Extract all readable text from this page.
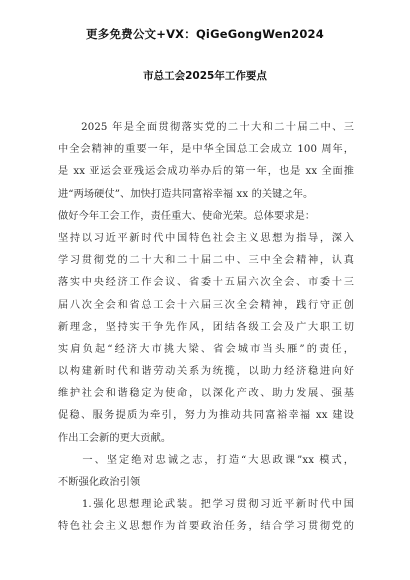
更多免费公文+VX：QiGeGongWen2024
市总工会2025年工作要点
　　2025 年是全面贯彻落实党的二十大和二十届二中、三
中全会精神的重要一年，是中华全国总工会成立 100 周年，
是 xx 亚运会亚残运会成功举办后的第一年，也是 xx 全面推
进“两场硬仗”、加快打造共同富裕幸福 xx 的关键之年。
做好今年工会工作，责任重大、使命光荣。总体要求是：
坚持以习近平新时代中国特色社会主义思想为指导，深入
学习贯彻党的二十大和二十届二中、三中全会精神，认真
落实中央经济工作会议、省委十五届六次全会、市委十三
届八次全会和省总工会十六届三次全会精神，践行守正创
新理念，坚持实干争先作风，团结各级工会及广大职工切
实肩负起“经济大市挑大梁、省会城市当头雁”的责任，
以构建新时代和谐劳动关系为统揽，以助力经济稳进向好
维护社会和谐稳定为使命，以深化产改、助力发展、强基
促稳、服务提质为牵引，努力为推动共同富裕幸福 xx 建设
作出工会新的更大贡献。
　　一、坚定绝对忠诚之志，打造“大思政课”xx 模式，
不断强化政治引领
　　1.强化思想理论武装。把学习贯彻习近平新时代中国
特色社会主义思想作为首要政治任务，结合学习贯彻党的
